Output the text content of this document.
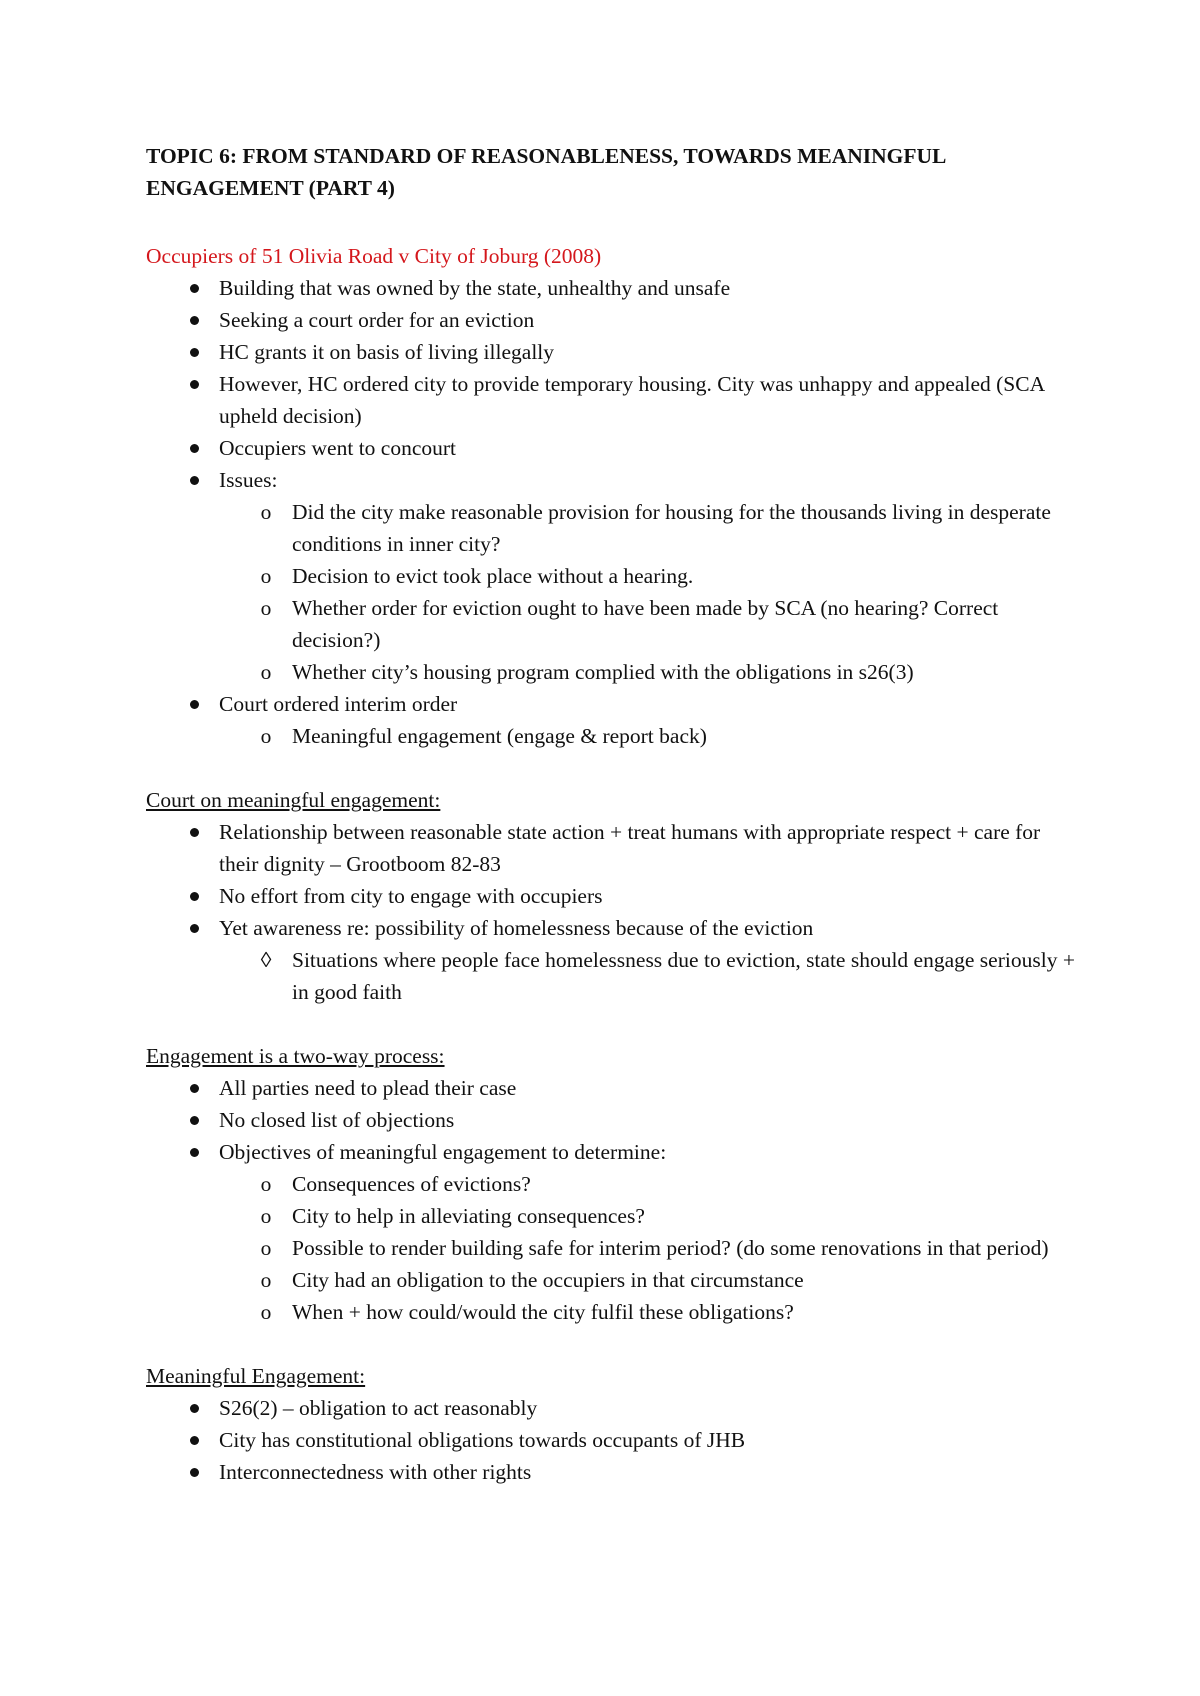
TOPIC 6: FROM STANDARD OF REASONABLENESS, TOWARDS MEANINGFUL ENGAGEMENT (PART 4)
Occupiers of 51 Olivia Road v City of Joburg (2008)
Building that was owned by the state, unhealthy and unsafe
Seeking a court order for an eviction
HC grants it on basis of living illegally
However, HC ordered city to provide temporary housing. City was unhappy and appealed (SCA upheld decision)
Occupiers went to concourt
Issues:
o Did the city make reasonable provision for housing for the thousands living in desperate conditions in inner city?
o Decision to evict took place without a hearing.
o Whether order for eviction ought to have been made by SCA (no hearing? Correct decision?)
o Whether city’s housing program complied with the obligations in s26(3)
Court ordered interim order
o Meaningful engagement (engage & report back)
Court on meaningful engagement:
Relationship between reasonable state action + treat humans with appropriate respect + care for their dignity – Grootboom 82-83
No effort from city to engage with occupiers
Yet awareness re: possibility of homelessness because of the eviction
◊ Situations where people face homelessness due to eviction, state should engage seriously + in good faith
Engagement is a two-way process:
All parties need to plead their case
No closed list of objections
Objectives of meaningful engagement to determine:
o Consequences of evictions?
o City to help in alleviating consequences?
o Possible to render building safe for interim period? (do some renovations in that period)
o City had an obligation to the occupiers in that circumstance
o When + how could/would the city fulfil these obligations?
Meaningful Engagement:
S26(2) – obligation to act reasonably
City has constitutional obligations towards occupants of JHB
Interconnectedness with other rights
